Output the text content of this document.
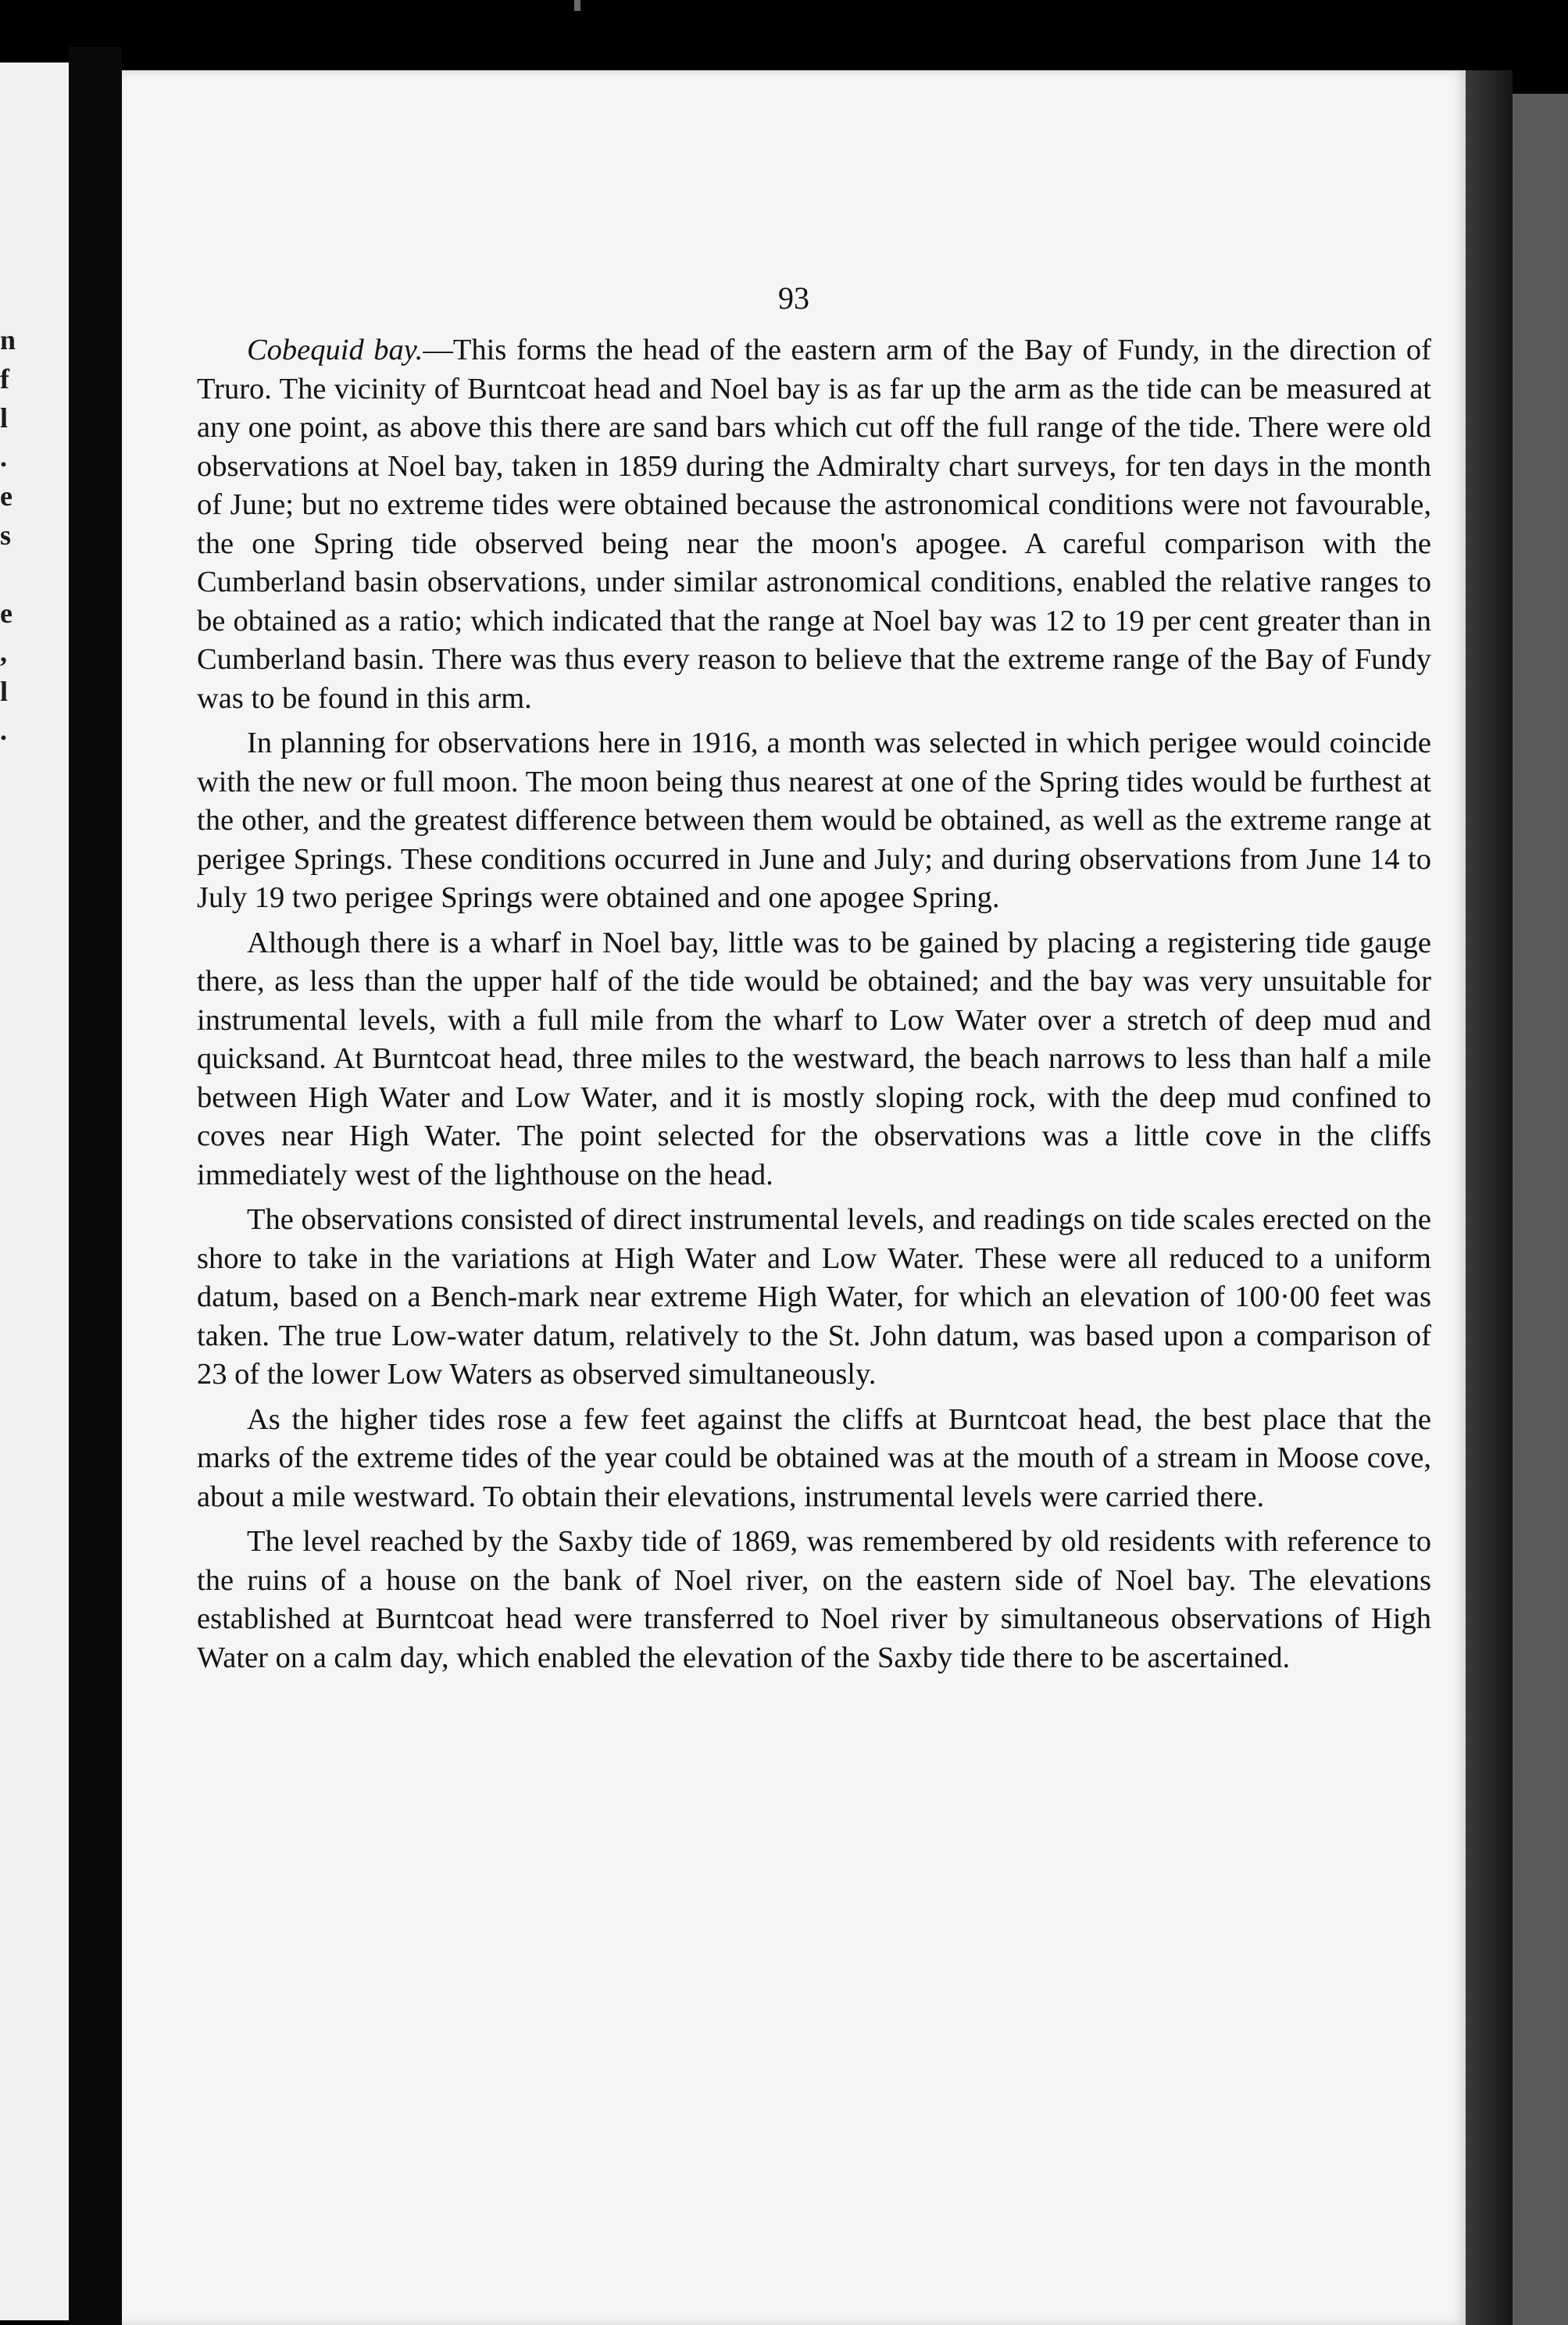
n
f
l
.
e
s
e
,
l
.
93

Cobequid bay.—This forms the head of the eastern arm of the Bay of Fundy, in the direction of Truro. The vicinity of Burntcoat head and Noel bay is as far up the arm as the tide can be measured at any one point, as above this there are sand bars which cut off the full range of the tide. There were old observations at Noel bay, taken in 1859 during the Admiralty chart surveys, for ten days in the month of June; but no extreme tides were obtained because the astronomical conditions were not favourable, the one Spring tide observed being near the moon's apogee. A careful comparison with the Cumberland basin observations, under similar astronomical conditions, enabled the relative ranges to be obtained as a ratio; which indicated that the range at Noel bay was 12 to 19 per cent greater than in Cumberland basin. There was thus every reason to believe that the extreme range of the Bay of Fundy was to be found in this arm.

In planning for observations here in 1916, a month was selected in which perigee would coincide with the new or full moon. The moon being thus nearest at one of the Spring tides would be furthest at the other, and the greatest difference between them would be obtained, as well as the extreme range at perigee Springs. These conditions occurred in June and July; and during observations from June 14 to July 19 two perigee Springs were obtained and one apogee Spring.

Although there is a wharf in Noel bay, little was to be gained by placing a registering tide gauge there, as less than the upper half of the tide would be obtained; and the bay was very unsuitable for instrumental levels, with a full mile from the wharf to Low Water over a stretch of deep mud and quicksand. At Burntcoat head, three miles to the westward, the beach narrows to less than half a mile between High Water and Low Water, and it is mostly sloping rock, with the deep mud confined to coves near High Water. The point selected for the observations was a little cove in the cliffs immediately west of the lighthouse on the head.

The observations consisted of direct instrumental levels, and readings on tide scales erected on the shore to take in the variations at High Water and Low Water. These were all reduced to a uniform datum, based on a Bench-mark near extreme High Water, for which an elevation of 100·00 feet was taken. The true Low-water datum, relatively to the St. John datum, was based upon a comparison of 23 of the lower Low Waters as observed simultaneously.

As the higher tides rose a few feet against the cliffs at Burntcoat head, the best place that the marks of the extreme tides of the year could be obtained was at the mouth of a stream in Moose cove, about a mile westward. To obtain their elevations, instrumental levels were carried there.

The level reached by the Saxby tide of 1869, was remembered by old residents with reference to the ruins of a house on the bank of Noel river, on the eastern side of Noel bay. The elevations established at Burntcoat head were transferred to Noel river by simultaneous observations of High Water on a calm day, which enabled the elevation of the Saxby tide there to be ascertained.
